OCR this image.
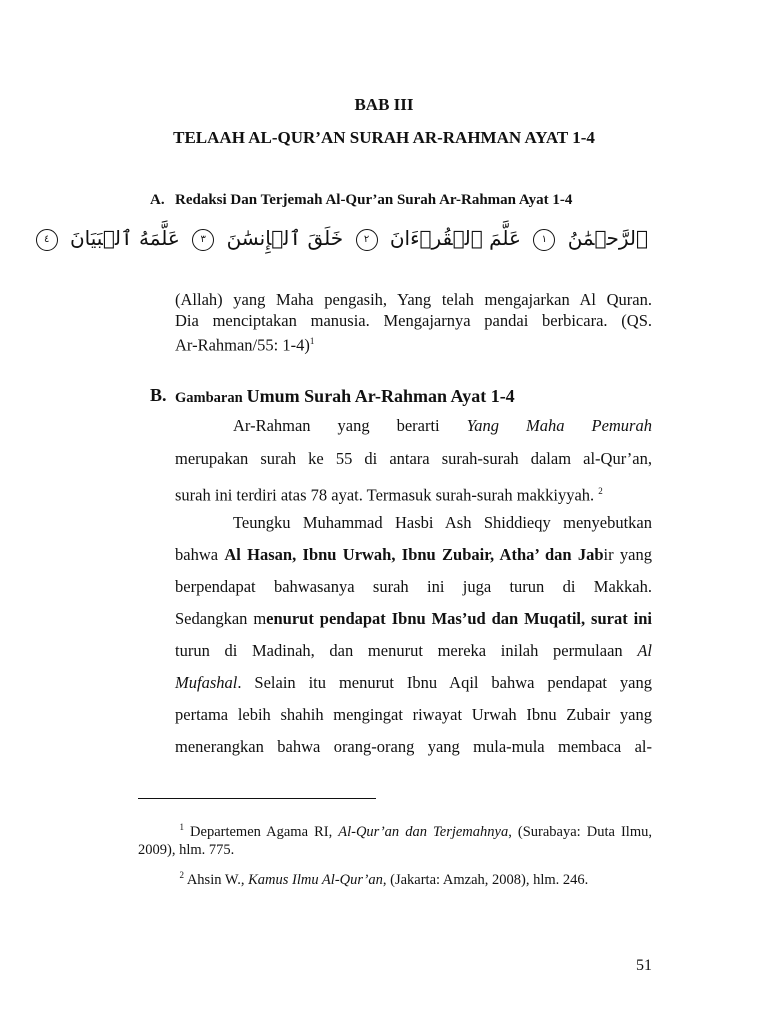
BAB III
TELAAH AL-QUR’AN SURAH AR-RAHMAN AYAT 1-4
A. Redaksi Dan Terjemah Al-Qur’an Surah Ar-Rahman Ayat 1-4
ٱلرَّحۡمَٰنُ ١ عَلَّمَ ٱلۡقُرۡءَانَ ٢ خَلَقَ ٱلۡإِنسَٰنَ ٣ عَلَّمَهُ ٱلۡبَيَانَ ٤
(Allah) yang Maha pengasih, Yang telah mengajarkan Al Quran.
Dia menciptakan manusia. Mengajarnya pandai berbicara. (QS.
Ar-Rahman/55: 1-4)$^1$
B. Gambaran Umum Surah Ar-Rahman Ayat 1-4
Ar-Rahman yang berarti Yang Maha Pemurah
merupakan surah ke 55 di antara surah-surah dalam al-Qur’an,
surah ini terdiri atas 78 ayat. Termasuk surah-surah makkiyyah. $^2$
Teungku Muhammad Hasbi Ash Shiddieqy menyebutkan
bahwa Al Hasan, Ibnu Urwah, Ibnu Zubair, Atha’ dan Jabir yang
berpendapat bahwasanya surah ini juga turun di Makkah.
Sedangkan menurut pendapat Ibnu Mas’ud dan Muqatil, surat ini
turun di Madinah, dan menurut mereka inilah permulaan Al
Mufashal. Selain itu menurut Ibnu Aqil bahwa pendapat yang
pertama lebih shahih mengingat riwayat Urwah Ibnu Zubair yang
menerangkan bahwa orang-orang yang mula-mula membaca al-
$^1$ Departemen Agama RI, Al-Qur’an dan Terjemahnya, (Surabaya: Duta Ilmu, 2009), hlm. 775.
$^2$ Ahsin W., Kamus Ilmu Al-Qur’an, (Jakarta: Amzah, 2008), hlm. 246.
51
